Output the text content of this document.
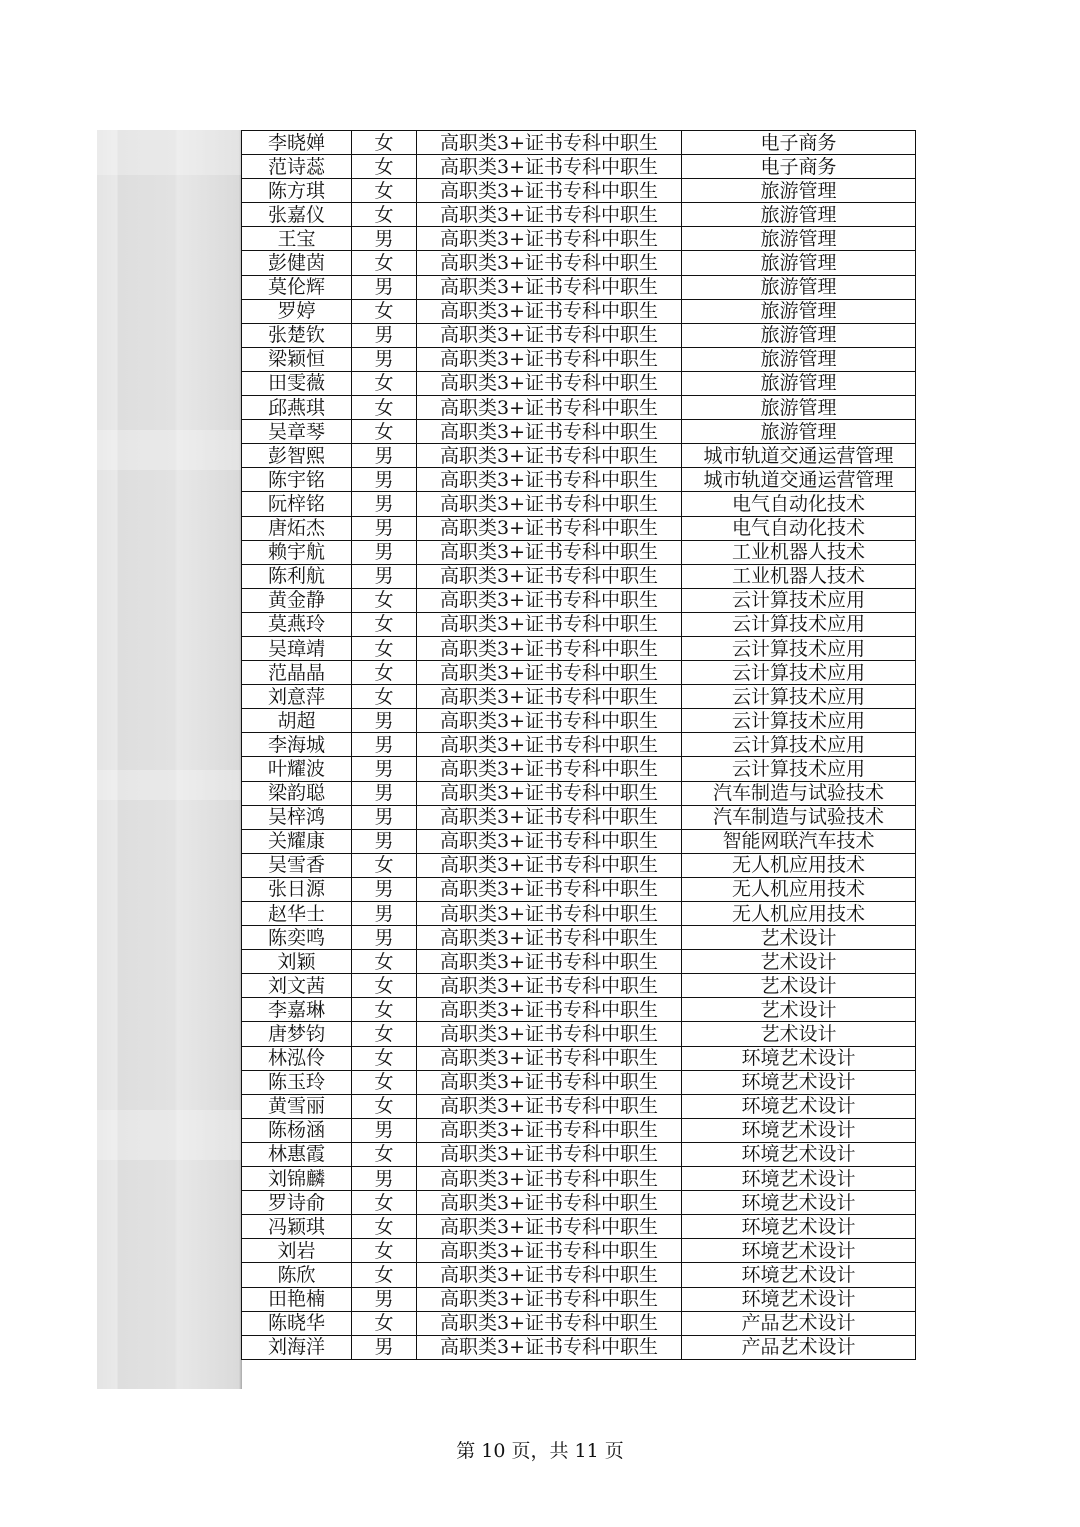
李晓婵	女	高职类3+证书专科中职生	电子商务
范诗蕊	女	高职类3+证书专科中职生	电子商务
陈方琪	女	高职类3+证书专科中职生	旅游管理
张嘉仪	女	高职类3+证书专科中职生	旅游管理
王宝	男	高职类3+证书专科中职生	旅游管理
彭健茵	女	高职类3+证书专科中职生	旅游管理
莫伦辉	男	高职类3+证书专科中职生	旅游管理
罗婷	女	高职类3+证书专科中职生	旅游管理
张楚钦	男	高职类3+证书专科中职生	旅游管理
梁颖恒	男	高职类3+证书专科中职生	旅游管理
田雯薇	女	高职类3+证书专科中职生	旅游管理
邱燕琪	女	高职类3+证书专科中职生	旅游管理
吴章琴	女	高职类3+证书专科中职生	旅游管理
彭智熙	男	高职类3+证书专科中职生	城市轨道交通运营管理
陈宇铭	男	高职类3+证书专科中职生	城市轨道交通运营管理
阮梓铭	男	高职类3+证书专科中职生	电气自动化技术
唐炻杰	男	高职类3+证书专科中职生	电气自动化技术
赖宇航	男	高职类3+证书专科中职生	工业机器人技术
陈利航	男	高职类3+证书专科中职生	工业机器人技术
黄金静	女	高职类3+证书专科中职生	云计算技术应用
莫燕玲	女	高职类3+证书专科中职生	云计算技术应用
吴璋靖	女	高职类3+证书专科中职生	云计算技术应用
范晶晶	女	高职类3+证书专科中职生	云计算技术应用
刘意萍	女	高职类3+证书专科中职生	云计算技术应用
胡超	男	高职类3+证书专科中职生	云计算技术应用
李海城	男	高职类3+证书专科中职生	云计算技术应用
叶耀波	男	高职类3+证书专科中职生	云计算技术应用
梁韵聪	男	高职类3+证书专科中职生	汽车制造与试验技术
吴梓鸿	男	高职类3+证书专科中职生	汽车制造与试验技术
关耀康	男	高职类3+证书专科中职生	智能网联汽车技术
吴雪香	女	高职类3+证书专科中职生	无人机应用技术
张日源	男	高职类3+证书专科中职生	无人机应用技术
赵华士	男	高职类3+证书专科中职生	无人机应用技术
陈奕鸣	男	高职类3+证书专科中职生	艺术设计
刘颖	女	高职类3+证书专科中职生	艺术设计
刘文茜	女	高职类3+证书专科中职生	艺术设计
李嘉琳	女	高职类3+证书专科中职生	艺术设计
唐梦钧	女	高职类3+证书专科中职生	艺术设计
林泓伶	女	高职类3+证书专科中职生	环境艺术设计
陈玉玲	女	高职类3+证书专科中职生	环境艺术设计
黄雪丽	女	高职类3+证书专科中职生	环境艺术设计
陈杨涵	男	高职类3+证书专科中职生	环境艺术设计
林惠霞	女	高职类3+证书专科中职生	环境艺术设计
刘锦麟	男	高职类3+证书专科中职生	环境艺术设计
罗诗俞	女	高职类3+证书专科中职生	环境艺术设计
冯颖琪	女	高职类3+证书专科中职生	环境艺术设计
刘岩	女	高职类3+证书专科中职生	环境艺术设计
陈欣	女	高职类3+证书专科中职生	环境艺术设计
田艳楠	男	高职类3+证书专科中职生	环境艺术设计
陈晓华	女	高职类3+证书专科中职生	产品艺术设计
刘海洋	男	高职类3+证书专科中职生	产品艺术设计
第 10 页，共 11 页
